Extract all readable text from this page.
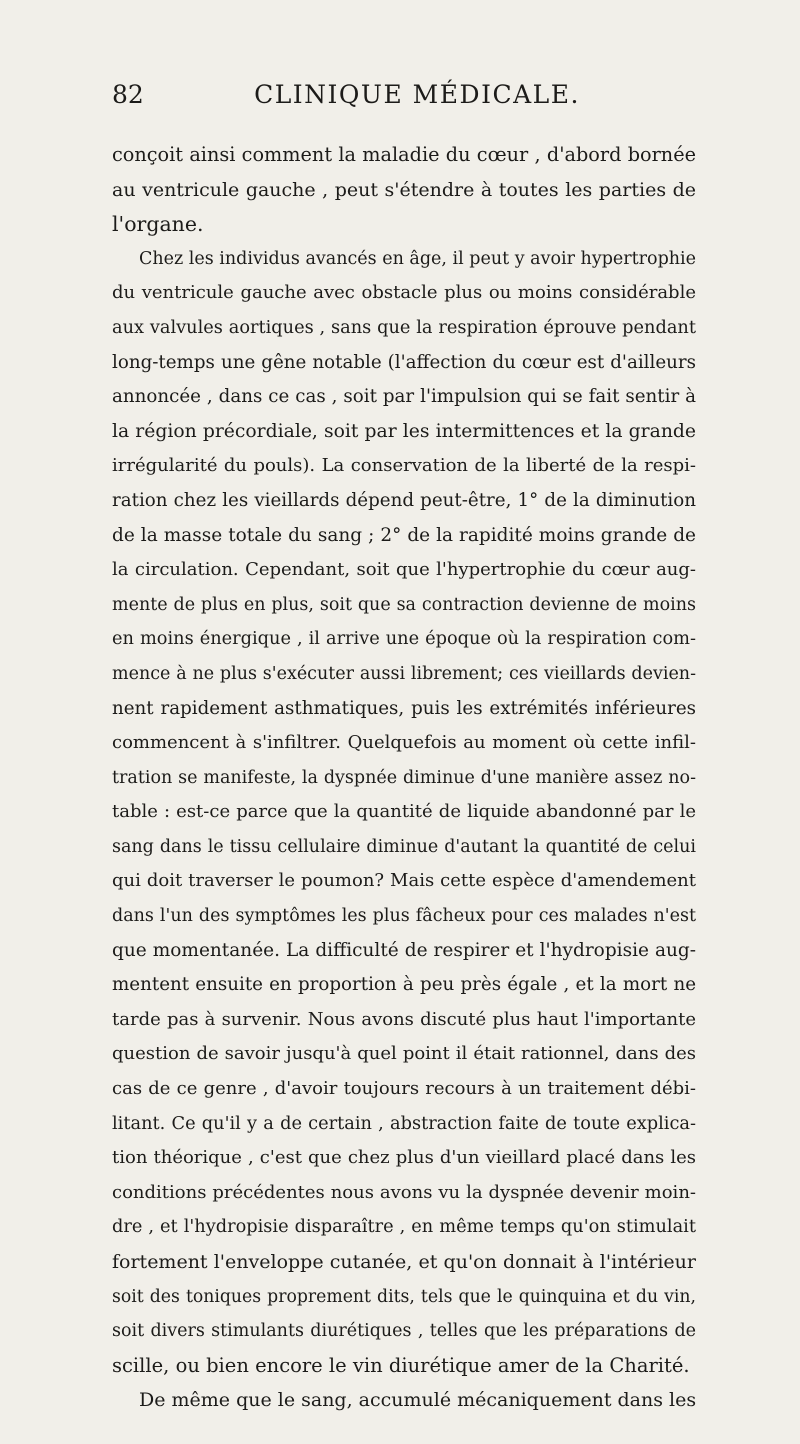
82	CLINIQUE MÉDICALE.
conçoit ainsi comment la maladie du cœur , d'abord bornée
au ventricule gauche , peut s'étendre à toutes les parties de
l'organe.
Chez les individus avancés en âge, il peut y avoir hypertrophie
du ventricule gauche avec obstacle plus ou moins considérable
aux valvules aortiques , sans que la respiration éprouve pendant
long-temps une gêne notable (l'affection du cœur est d'ailleurs
annoncée , dans ce cas , soit par l'impulsion qui se fait sentir à
la région précordiale, soit par les intermittences et la grande
irrégularité du pouls). La conservation de la liberté de la respi-
ration chez les vieillards dépend peut-être, 1° de la diminution
de la masse totale du sang ; 2° de la rapidité moins grande de
la circulation. Cependant, soit que l'hypertrophie du cœur aug-
mente de plus en plus, soit que sa contraction devienne de moins
en moins énergique , il arrive une époque où la respiration com-
mence à ne plus s'exécuter aussi librement; ces vieillards devien-
nent rapidement asthmatiques, puis les extrémités inférieures
commencent à s'infiltrer. Quelquefois au moment où cette infil-
tration se manifeste, la dyspnée diminue d'une manière assez no-
table : est-ce parce que la quantité de liquide abandonné par le
sang dans le tissu cellulaire diminue d'autant la quantité de celui
qui doit traverser le poumon? Mais cette espèce d'amendement
dans l'un des symptômes les plus fâcheux pour ces malades n'est
que momentanée. La difficulté de respirer et l'hydropisie aug-
mentent ensuite en proportion à peu près égale , et la mort ne
tarde pas à survenir. Nous avons discuté plus haut l'importante
question de savoir jusqu'à quel point il était rationnel, dans des
cas de ce genre , d'avoir toujours recours à un traitement débi-
litant. Ce qu'il y a de certain , abstraction faite de toute explica-
tion théorique , c'est que chez plus d'un vieillard placé dans les
conditions précédentes nous avons vu la dyspnée devenir moin-
dre , et l'hydropisie disparaître , en même temps qu'on stimulait
fortement l'enveloppe cutanée, et qu'on donnait à l'intérieur
soit des toniques proprement dits, tels que le quinquina et du vin,
soit divers stimulants diurétiques , telles que les préparations de
scille, ou bien encore le vin diurétique amer de la Charité.
De même que le sang, accumulé mécaniquement dans les
